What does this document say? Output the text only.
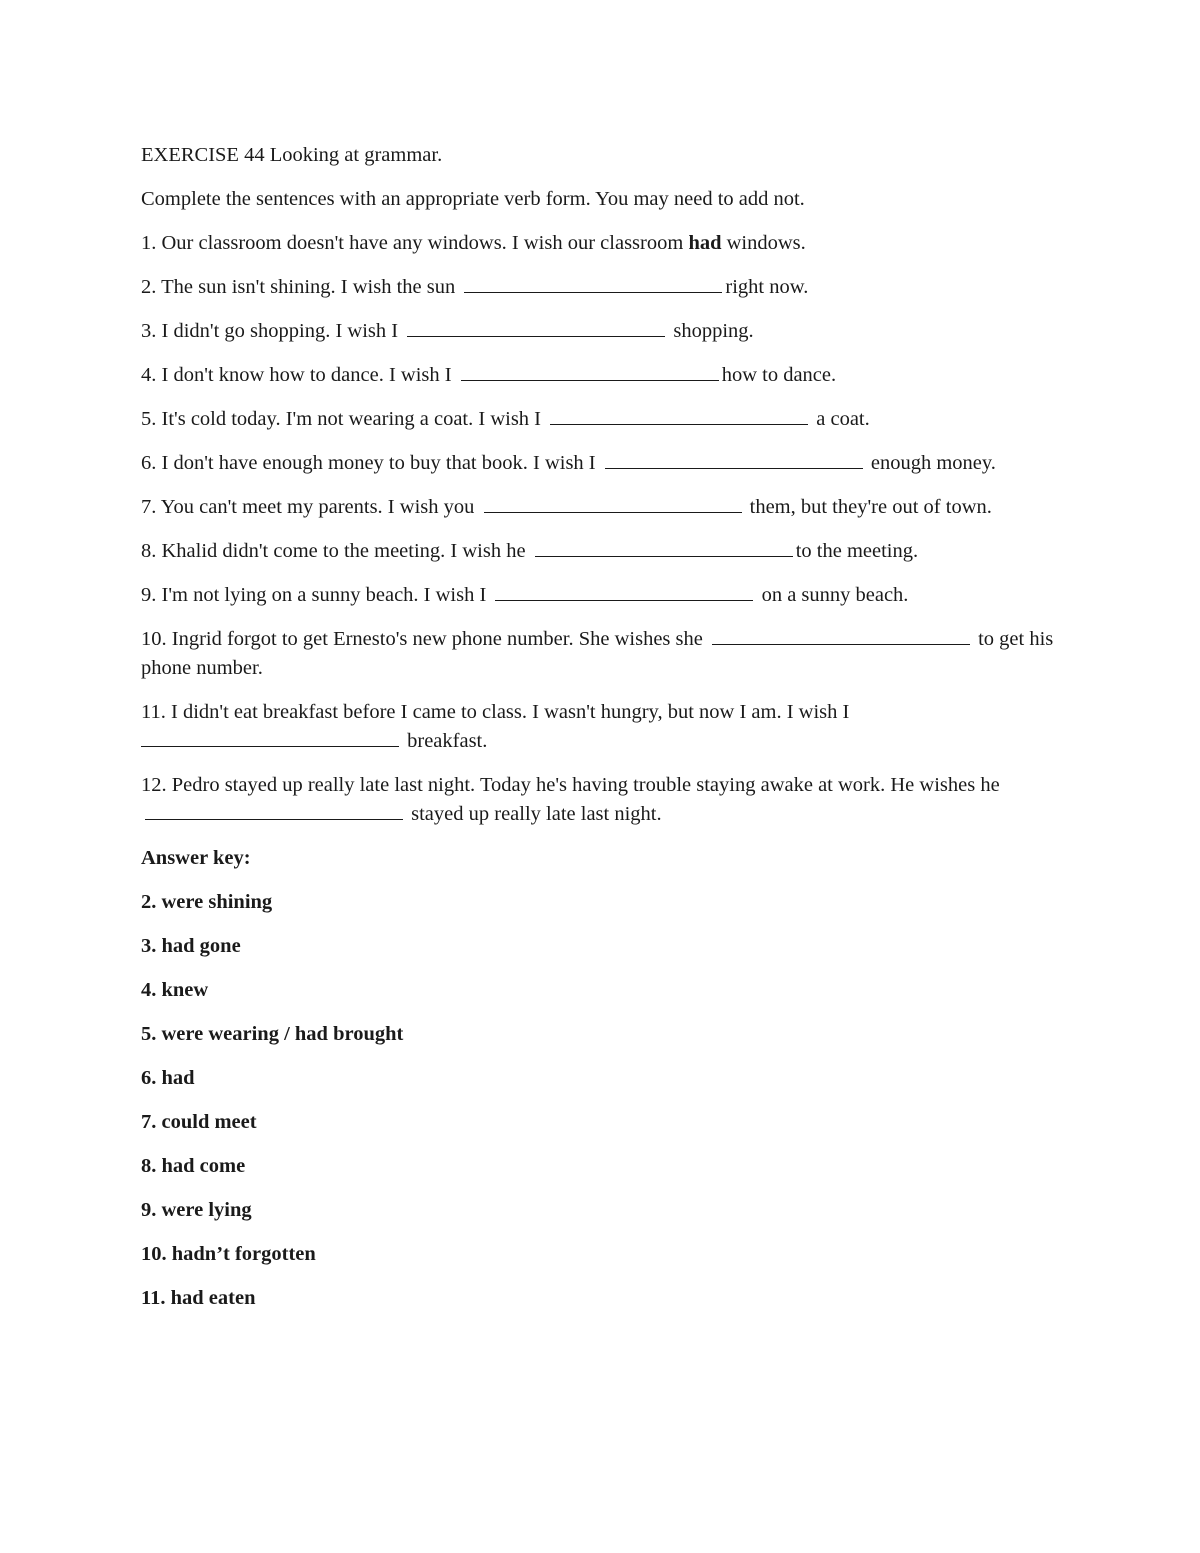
EXERCISE 44 Looking at grammar.

Complete the sentences with an appropriate verb form. You may need to add not.

1. Our classroom doesn't have any windows. I wish our classroom had windows.

2. The sun isn't shining. I wish the sun	right now.

3. I didn't go shopping. I wish I	shopping.

4. I don't know how to dance. I wish I	how to dance.

5. It's cold today. I'm not wearing a coat. I wish I	a coat.

6. I don't have enough money to buy that book. I wish I	enough money.

7. You can't meet my parents. I wish you	them, but they're out of town.

8. Khalid didn't come to the meeting. I wish he	to the meeting.

9. I'm not lying on a sunny beach. I wish I	on a sunny beach.

10. Ingrid forgot to get Ernesto's new phone number. She wishes she	to get his phone number.

11. I didn't eat breakfast before I came to class. I wasn't hungry, but now I am. I wish I  breakfast.

12. Pedro stayed up really late last night. Today he's having trouble staying awake at work. He wishes he  stayed up really late last night.

Answer key:

2. were shining

3. had gone

4. knew

5. were wearing / had brought

6. had

7. could meet

8. had come

9. were lying

10. hadn’t forgotten

11. had eaten
